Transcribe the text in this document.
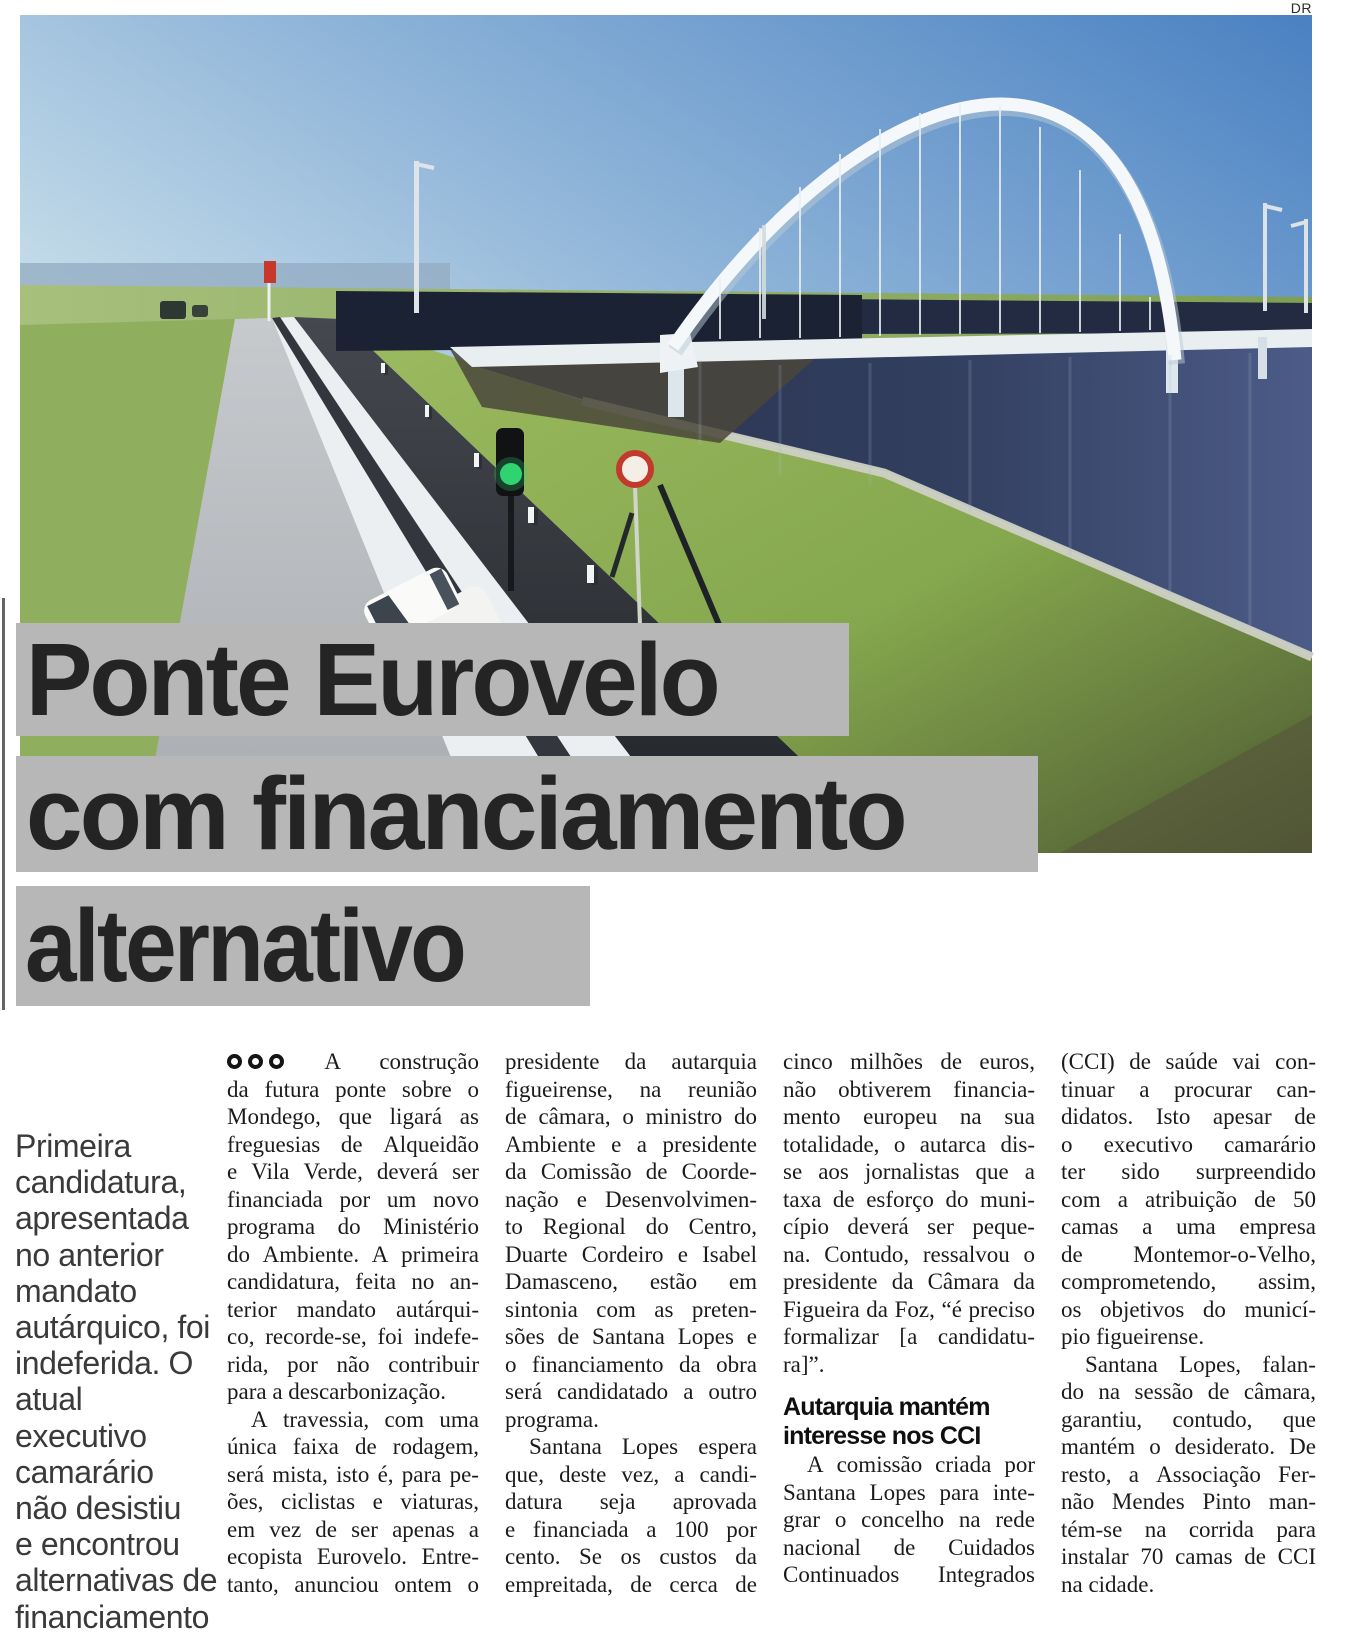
DR
Ponte Eurovelo
com financiamento
alternativo
Primeira
candidatura,
apresentada
no anterior
mandato
autárquico, foi
indeferida. O
atual executivo
camarário
não desistiu
e encontrou
alternativas de
financiamento
A construção
da futura ponte sobre o
Mondego, que ligará as
freguesias de Alqueidão
e Vila Verde, deverá ser
financiada por um novo
programa do Ministério
do Ambiente. A primeira
candidatura, feita no an-
terior mandato autárqui-
co, recorde-se, foi indefe-
rida, por não contribuir
para a descarbonização.
A travessia, com uma
única faixa de rodagem,
será mista, isto é, para pe-
ões, ciclistas e viaturas,
em vez de ser apenas a
ecopista Eurovelo. Entre-
tanto, anunciou ontem o
presidente da autarquia
figueirense, na reunião
de câmara, o ministro do
Ambiente e a presidente
da Comissão de Coorde-
nação e Desenvolvimen-
to Regional do Centro,
Duarte Cordeiro e Isabel
Damasceno, estão em
sintonia com as preten-
sões de Santana Lopes e
o financiamento da obra
será candidatado a outro
programa.
Santana Lopes espera
que, deste vez, a candi-
datura seja aprovada
e financiada a 100 por
cento. Se os custos da
empreitada, de cerca de
cinco milhões de euros,
não obtiverem financia-
mento europeu na sua
totalidade, o autarca dis-
se aos jornalistas que a
taxa de esforço do muni-
cípio deverá ser peque-
na. Contudo, ressalvou o
presidente da Câmara da
Figueira da Foz, “é preciso
formalizar [a candidatu-
ra]”.
Autarquia mantém
interesse nos CCI
A comissão criada por
Santana Lopes para inte-
grar o concelho na rede
nacional de Cuidados
Continuados Integrados
(CCI) de saúde vai con-
tinuar a procurar can-
didatos. Isto apesar de
o executivo camarário
ter sido surpreendido
com a atribuição de 50
camas a uma empresa
de Montemor-o-Velho,
comprometendo, assim,
os objetivos do municí-
pio figueirense.
Santana Lopes, falan-
do na sessão de câmara,
garantiu, contudo, que
mantém o desiderato. De
resto, a Associação Fer-
não Mendes Pinto man-
tém-se na corrida para
instalar 70 camas de CCI
na cidade.
